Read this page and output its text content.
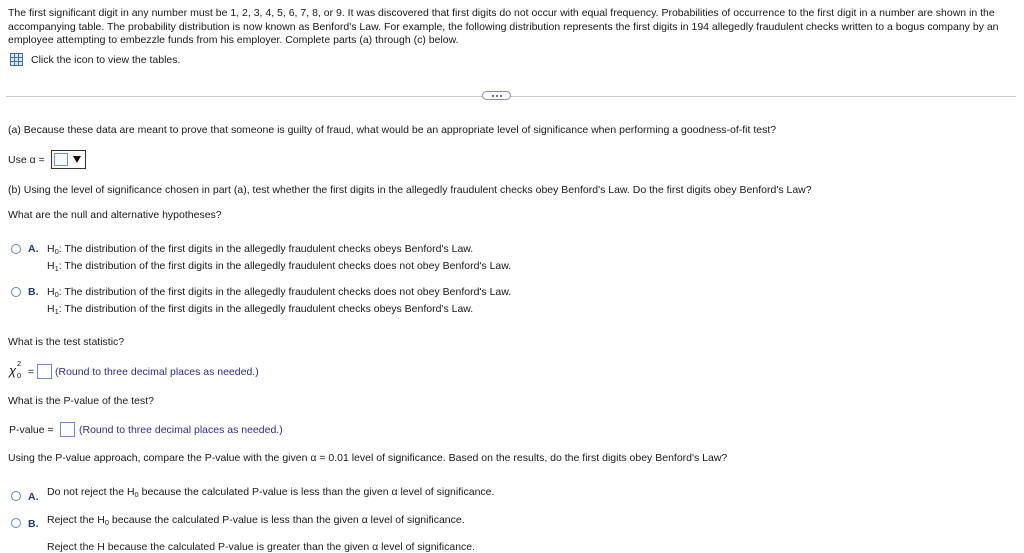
The first significant digit in any number must be 1, 2, 3, 4, 5, 6, 7, 8, or 9. It was discovered that first digits do not occur with equal frequency. Probabilities of occurrence to the first digit in a number are shown in the accompanying table. The probability distribution is now known as Benford's Law. For example, the following distribution represents the first digits in 194 allegedly fraudulent checks written to a bogus company by an employee attempting to embezzle funds from his employer. Complete parts (a) through (c) below.

Click the icon to view the tables.
(a) Because these data are meant to prove that someone is guilty of fraud, what would be an appropriate level of significance when performing a goodness-of-fit test?
Use α =
(b) Using the level of significance chosen in part (a), test whether the first digits in the allegedly fraudulent checks obey Benford's Law. Do the first digits obey Benford's Law?
What are the null and alternative hypotheses?
A. $H_0$: The distribution of the first digits in the allegedly fraudulent checks obeys Benford's Law.
$H_1$: The distribution of the first digits in the allegedly fraudulent checks does not obey Benford's Law.
B. $H_0$: The distribution of the first digits in the allegedly fraudulent checks does not obey Benford's Law.
$H_1$: The distribution of the first digits in the allegedly fraudulent checks obeys Benford's Law.
What is the test statistic?
χ 2
0 = (Round to three decimal places as needed.)
What is the P-value of the test?
P-value = (Round to three decimal places as needed.)
Using the P-value approach, compare the P-value with the given α = 0.01 level of significance. Based on the results, do the first digits obey Benford's Law?
A. Do not reject the $H_0$ because the calculated P-value is less than the given α level of significance.
B. Reject the $H_0$ because the calculated P-value is less than the given α level of significance.
Reject the H because the calculated P-value is greater than the given α level of significance.
